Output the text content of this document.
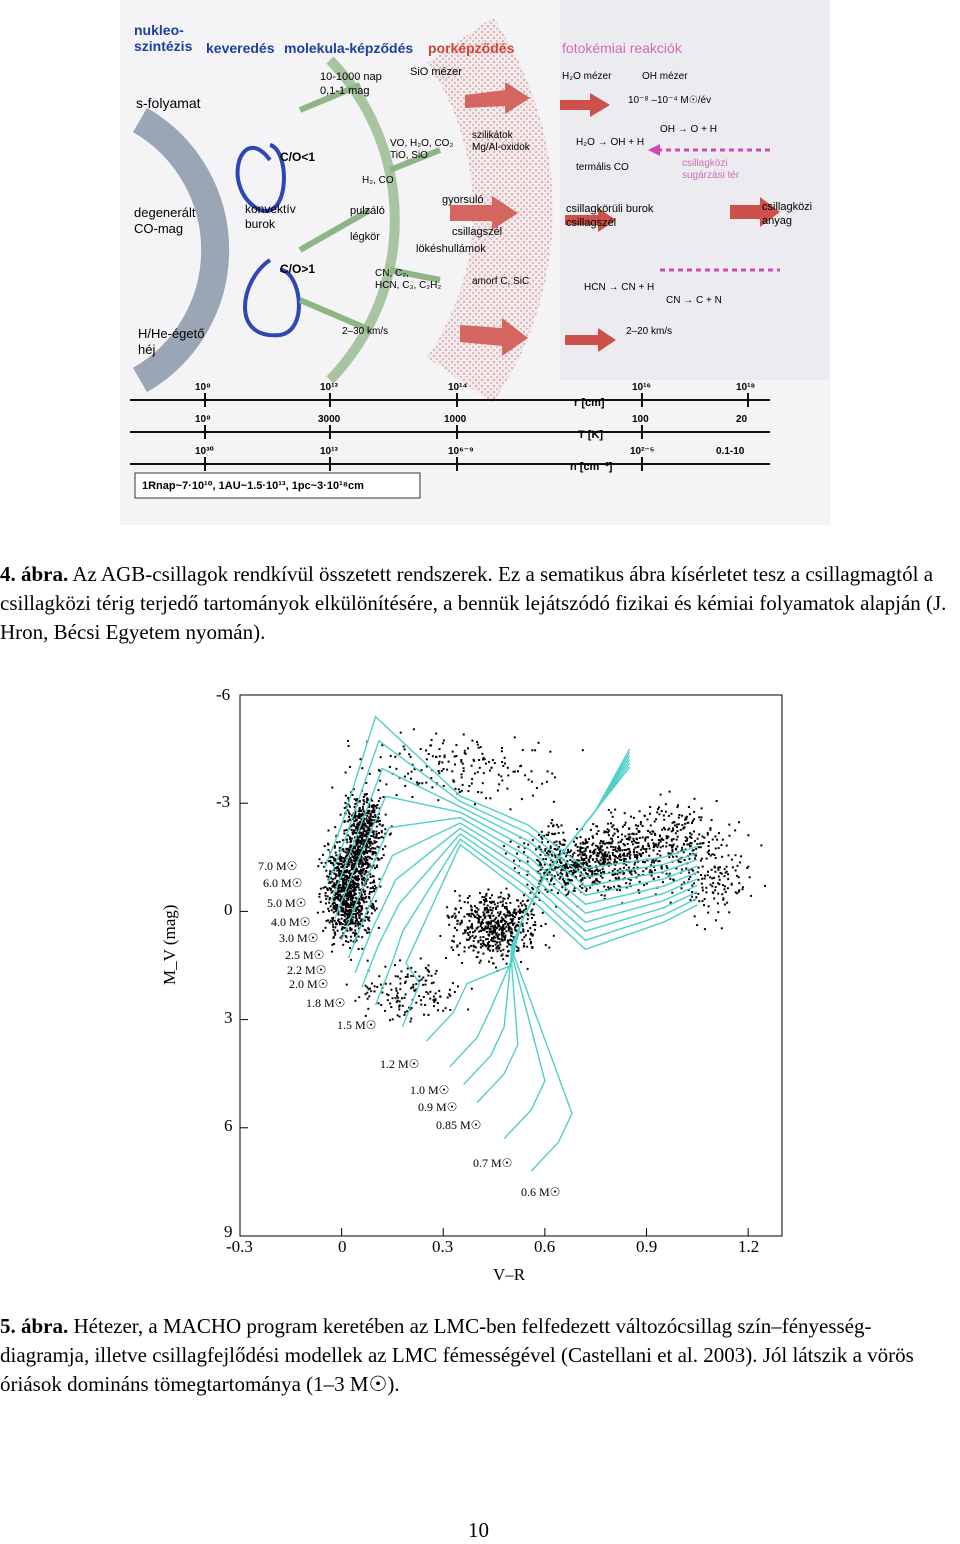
nukleo-
szintézis keveredés molekula-képződés porképződés	fotokémiai reakciók
s-folyamat
degenerált
CO-mag
konvektív
burok
H/He-égető
héj
C/O<1
C/O>1
10-1000 nap
0,1-1 mag
SiO mézer
VO, H₂O, CO₂
TiO, SiO
H₂, CO
pulzáló
légkör
gyorsuló
csillagszél
lökéshullámok
CN, C₂,
HCN, C₃, C₂H₂	amorf C, SiC
2–30 km/s
szilikátok
Mg/Al-oxidok
H₂O mézer	OH mézer
10⁻⁸ –10⁻⁴ M☉/év
OH → O + H
H₂O → OH + H
termális CO	csillagközi
sugárzási tér
csillagkörüli burok
csillagszél
csillagközi
anyag
HCN → CN + H
CN → C + N
2–20 km/s
10⁸	10¹³	10¹⁴	10¹⁶	10¹⁸
r [cm]
10⁸	3000	1000	100	20
T [K]
10³⁰	10¹³	10⁶⁻⁹	10²⁻⁵	0.1-10
n [cm⁻³]
1Rnap~7·10¹⁰, 1AU~1.5·10¹³, 1pc~3·10¹⁸cm
4. ábra. Az AGB-csillagok rendkívül összetett rendszerek. Ez a sematikus ábra kísérletet tesz a csillagmagtól a csillagközi térig terjedő tartományok elkülönítésére, a bennük lejátszódó fizikai és kémiai folyamatok alapján (J. Hron, Bécsi Egyetem nyomán).
-6
-3
0
3
6
9
-0.3	0	0.3	0.6	0.9	1.2
V–R
M_V (mag)
7.0 M☉
6.0 M☉
5.0 M☉
4.0 M☉
3.0 M☉
2.5 M☉
2.2 M☉
2.0 M☉
1.8 M☉
1.5 M☉
1.2 M☉
1.0 M☉
0.9 M☉
0.85 M☉
0.7 M☉
0.6 M☉
5. ábra. Hétezer, a MACHO program keretében az LMC-ben felfedezett változócsillag szín–fényesség-diagramja, illetve csillagfejlődési modellek az LMC fémességével (Castellani et al. 2003). Jól látszik a vörös óriások domináns tömegtartománya (1–3 M☉).
10
